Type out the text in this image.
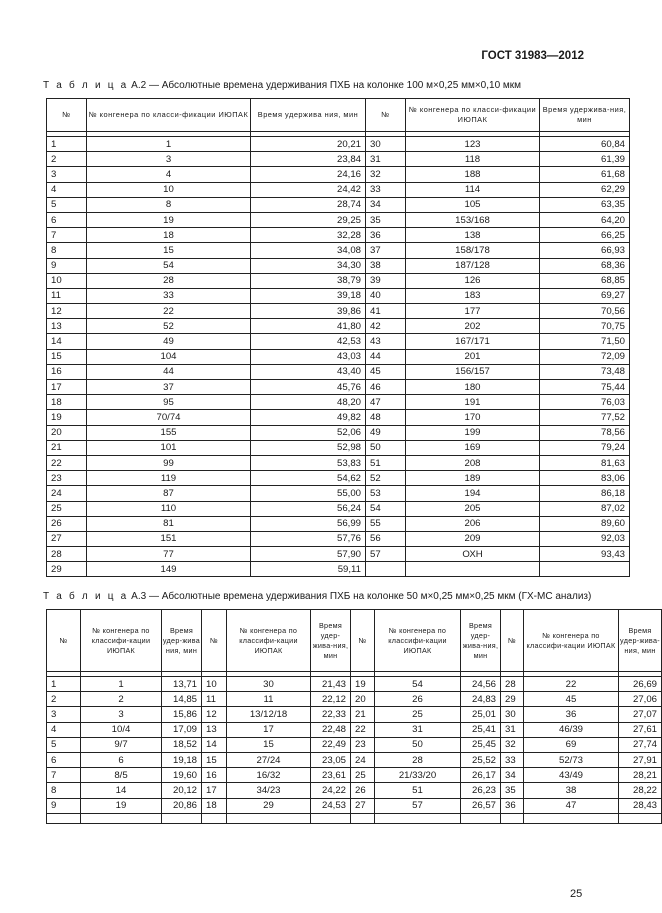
ГОСТ 31983—2012
Т а б л и ц а А.2 — Абсолютные времена удерживания ПХБ на колонке 100 м×0,25 мм×0,10 мкм
№	№ конгенера по класси-фикации ИЮПАК	Время удержива ния, мин	№	№ конгенера по класси-фикации ИЮПАК	Время удержива-ния, мин

1	1	20,21	30	123	60,84
2	3	23,84	31	118	61,39
3	4	24,16	32	188	61,68
4	10	24,42	33	114	62,29
5	8	28,74	34	105	63,35
6	19	29,25	35	153/168	64,20
7	18	32,28	36	138	66,25
8	15	34,08	37	158/178	66,93
9	54	34,30	38	187/128	68,36
10	28	38,79	39	126	68,85
11	33	39,18	40	183	69,27
12	22	39,86	41	177	70,56
13	52	41,80	42	202	70,75
14	49	42,53	43	167/171	71,50
15	104	43,03	44	201	72,09
16	44	43,40	45	156/157	73,48
17	37	45,76	46	180	75,44
18	95	48,20	47	191	76,03
19	70/74	49,82	48	170	77,52
20	155	52,06	49	199	78,56
21	101	52,98	50	169	79,24
22	99	53,83	51	208	81,63
23	119	54,62	52	189	83,06
24	87	55,00	53	194	86,18
25	110	56,24	54	205	87,02
26	81	56,99	55	206	89,60
27	151	57,76	56	209	92,03
28	77	57,90	57	ОХН	93,43
29	149	59,11			
Т а б л и ц а А.3 — Абсолютные времена удерживания ПХБ на колонке 50 м×0,25 мм×0,25 мкм (ГХ-МС анализ)
№	№ конгенера по классифи-кации ИЮПАК	Время удер-жива ния, мин	№	№ конгенера по классифи-кации ИЮПАК	Время удер-жива-ния, мин	№	№ конгенера по классифи-кации ИЮПАК	Время удер-жива-ния, мин	№	№ конгенера по классифи-кации ИЮПАК	Время удер-жива-ния, мин

1	1	13,71	10	30	21,43	19	54	24,56	28	22	26,69
2	2	14,85	11	11	22,12	20	26	24,83	29	45	27,06
3	3	15,86	12	13/12/18	22,33	21	25	25,01	30	36	27,07
4	10/4	17,09	13	17	22,48	22	31	25,41	31	46/39	27,61
5	9/7	18,52	14	15	22,49	23	50	25,45	32	69	27,74
6	6	19,18	15	27/24	23,05	24	28	25,52	33	52/73	27,91
7	8/5	19,60	16	16/32	23,61	25	21/33/20	26,17	34	43/49	28,21
8	14	20,12	17	34/23	24,22	26	51	26,23	35	38	28,22
9	19	20,86	18	29	24,53	27	57	26,57	36	47	28,43

25
